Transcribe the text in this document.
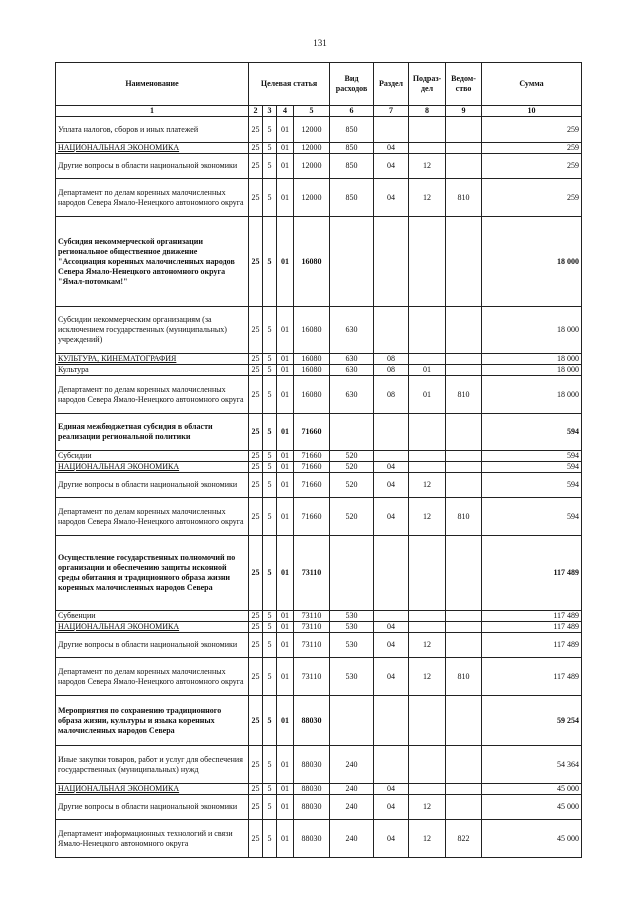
131
Наименование	Целевая статья				Вид расходов	Раздел	Подраз-дел	Ведом-ство	Сумма
1	2	3	4	5	6	7	8	9	10
Уплата налогов, сборов и иных платежей	25	5	01	12000	850				259
НАЦИОНАЛЬНАЯ ЭКОНОМИКА	25	5	01	12000	850	04			259
Другие вопросы в области национальной экономики	25	5	01	12000	850	04	12		259
Департамент по делам коренных малочисленных народов Севера Ямало-Ненецкого автономного округа	25	5	01	12000	850	04	12	810	259
Субсидия некоммерческой организации региональное общественное движение "Ассоциация коренных малочисленных народов Севера Ямало-Ненецкого автономного округа "Ямал-потомкам!"	25	5	01	16080					18 000
Субсидии некоммерческим организациям (за исключением государственных (муниципальных) учреждений)	25	5	01	16080	630				18 000
КУЛЬТУРА, КИНЕМАТОГРАФИЯ	25	5	01	16080	630	08			18 000
Культура	25	5	01	16080	630	08	01		18 000
Департамент по делам коренных малочисленных народов Севера Ямало-Ненецкого автономного округа	25	5	01	16080	630	08	01	810	18 000
Единая межбюджетная субсидия в области реализации региональной политики	25	5	01	71660					594
Субсидии	25	5	01	71660	520				594
НАЦИОНАЛЬНАЯ ЭКОНОМИКА	25	5	01	71660	520	04			594
Другие вопросы в области национальной экономики	25	5	01	71660	520	04	12		594
Департамент по делам коренных малочисленных народов Севера Ямало-Ненецкого автономного округа	25	5	01	71660	520	04	12	810	594
Осуществление государственных полномочий по организации и обеспечению защиты исконной среды обитания и традиционного образа жизни коренных малочисленных народов Севера	25	5	01	73110					117 489
Субвенции	25	5	01	73110	530				117 489
НАЦИОНАЛЬНАЯ ЭКОНОМИКА	25	5	01	73110	530	04			117 489
Другие вопросы в области национальной экономики	25	5	01	73110	530	04	12		117 489
Департамент по делам коренных малочисленных народов Севера Ямало-Ненецкого автономного округа	25	5	01	73110	530	04	12	810	117 489
Мероприятия по сохранению традиционного образа жизни, культуры и языка коренных малочисленных народов Севера	25	5	01	88030					59 254
Иные закупки товаров, работ и услуг для обеспечения государственных (муниципальных) нужд	25	5	01	88030	240				54 364
НАЦИОНАЛЬНАЯ ЭКОНОМИКА	25	5	01	88030	240	04			45 000
Другие вопросы в области национальной экономики	25	5	01	88030	240	04	12		45 000
Департамент информационных технологий и связи Ямало-Ненецкого автономного округа	25	5	01	88030	240	04	12	822	45 000
